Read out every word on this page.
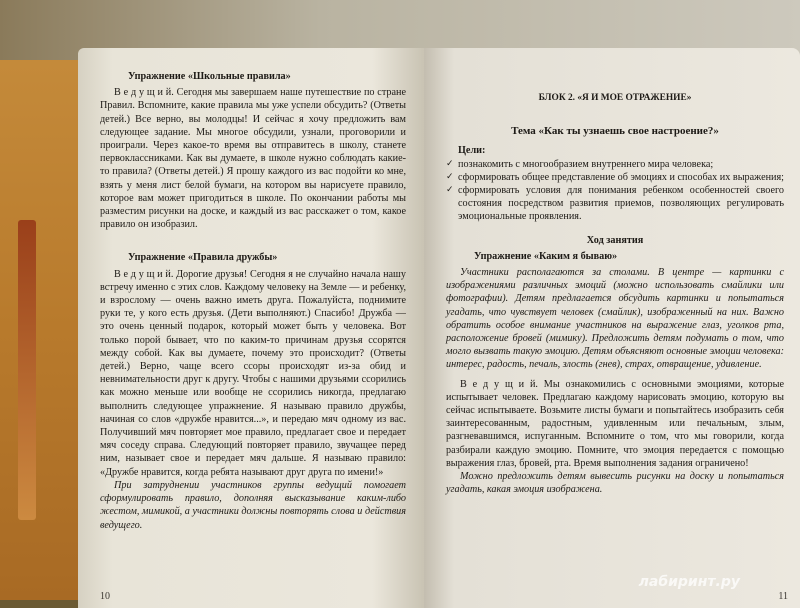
Упражнение «Школьные правила»

В е д у щ и й. Сегодня мы завершаем наше путешествие по стране Правил. Вспомните, какие правила мы уже успели обсудить? (Ответы детей.) Все верно, вы молодцы! И сейчас я хочу предложить вам следующее задание. Мы многое обсудили, узнали, проговорили и проиграли. Через какое-то время вы отправитесь в школу, станете первоклассниками. Как вы думаете, в школе нужно соблюдать какие-то правила? (Ответы детей.) Я прошу каждого из вас подойти ко мне, взять у меня лист белой бумаги, на котором вы нарисуете правило, которое вам может пригодиться в школе. По окончании работы мы разместим рисунки на доске, и каждый из вас расскажет о том, какое правило он изобразил.

Упражнение «Правила дружбы»

В е д у щ и й. Дорогие друзья! Сегодня я не случайно начала нашу встречу именно с этих слов. Каждому человеку на Земле — и ребенку, и взрослому — очень важно иметь друга. Пожалуйста, поднимите руки те, у кого есть друзья. (Дети выполняют.) Спасибо! Дружба — это очень ценный подарок, который может быть у человека. Вот только порой бывает, что по каким-то причинам друзья ссорятся между собой. Как вы думаете, почему это происходит? (Ответы детей.) Верно, чаще всего ссоры происходят из-за обид и невнимательности друг к другу. Чтобы с нашими друзьями ссорились как можно меньше или вообще не ссорились никогда, предлагаю выполнить следующее упражнение. Я называю правило дружбы, начиная со слов «дружбе нравится...», и передаю мяч одному из вас. Получивший мяч повторяет мое правило, предлагает свое и передает мяч соседу справа. Следующий повторяет правило, звучащее перед ним, называет свое и передает мяч дальше. Я называю правило: «Дружбе нравится, когда ребята называют друг друга по имени!»

При затруднении участников группы ведущий помогает сформулировать правило, дополняя высказывание каким-либо жестом, мимикой, а участники должны повторять слова и действия ведущего.

10

БЛОК 2. «Я И МОЕ ОТРАЖЕНИЕ»

Тема «Как ты узнаешь свое настроение?»

Цели:

✓ познакомить с многообразием внутреннего мира человека;
✓ сформировать общее представление об эмоциях и способах их выражения;
✓ сформировать условия для понимания ребенком особенностей своего состояния посредством развития приемов, позволяющих регулировать эмоциональные проявления.

Ход занятия

Упражнение «Каким я бываю»

Участники располагаются за столами. В центре — картинки с изображениями различных эмоций (можно использовать смайлики или фотографии). Детям предлагается обсудить картинки и попытаться угадать, что чувствует человек (смайлик), изображенный на них. Важно обратить особое внимание участников на выражение глаз, уголков рта, расположение бровей (мимику). Предложить детям подумать о том, что могло вызвать такую эмоцию. Детям объясняют основные эмоции человека: интерес, радость, печаль, злость (гнев), страх, отвращение, удивление.

В е д у щ и й. Мы ознакомились с основными эмоциями, которые испытывает человек. Предлагаю каждому нарисовать эмоцию, которую вы сейчас испытываете. Возьмите листы бумаги и попытайтесь изобразить себя заинтересованным, радостным, удивленным или печальным, злым, разгневавшимся, испуганным. Вспомните о том, что мы говорили, когда разбирали каждую эмоцию. Помните, что эмоция передается с помощью выражения глаз, бровей, рта. Время выполнения задания ограничено!

Можно предложить детям вывесить рисунки на доску и попытаться угадать, какая эмоция изображена.

11
лабиринт.ру
